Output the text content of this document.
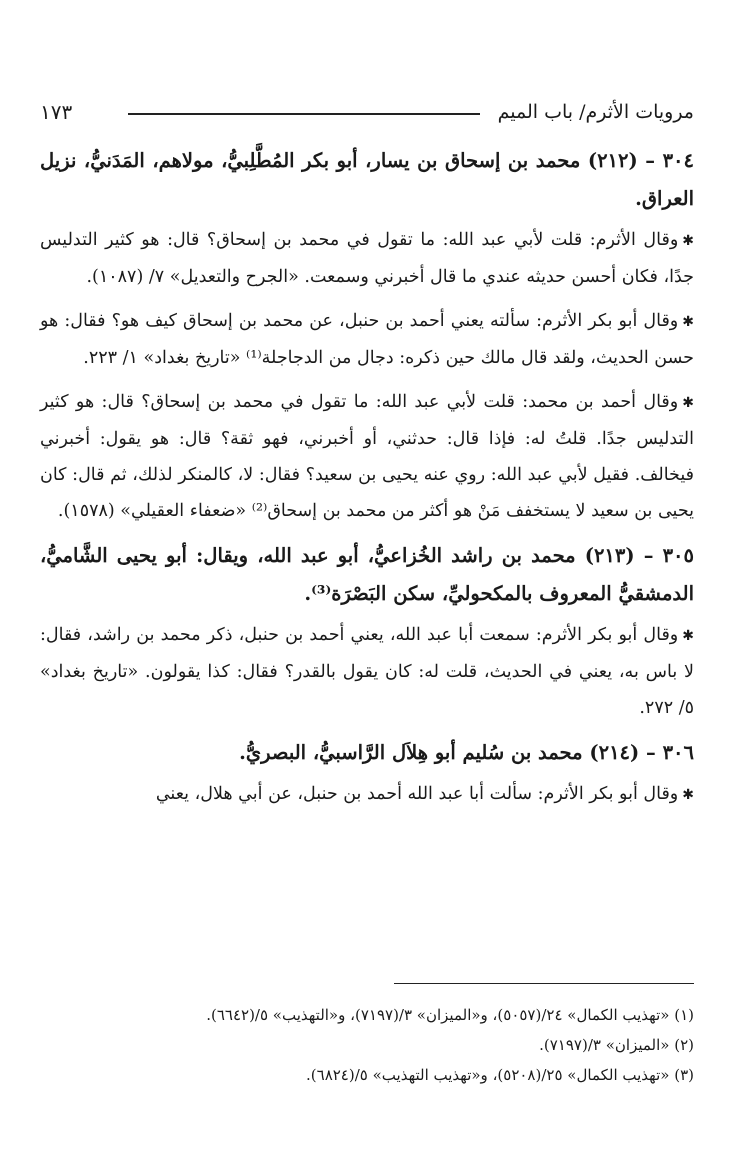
مرويات الأثرم/ باب الميم
١٧٣
٣٠٤ – (٢١٢) محمد بن إسحاق بن يسار، أبو بكر المُطَّلِبيُّ، مولاهم، المَدَنيُّ، نزيل العراق.

✱وقال الأثرم: قلت لأبي عبد الله: ما تقول في محمد بن إسحاق؟ قال: هو كثير التدليس جدًا، فكان أحسن حديثه عندي ما قال أخبرني وسمعت. «الجرح والتعديل» ٧/ (١٠٨٧).

✱وقال أبو بكر الأثرم: سألته يعني أحمد بن حنبل، عن محمد بن إسحاق كيف هو؟ فقال: هو حسن الحديث، ولقد قال مالك حين ذكره: دجال من الدجاجلة⁽¹⁾ «تاريخ بغداد» ١/ ٢٢٣.

✱وقال أحمد بن محمد: قلت لأبي عبد الله: ما تقول في محمد بن إسحاق؟ قال: هو كثير التدليس جدًا. قلتُ له: فإذا قال: حدثني، أو أخبرني، فهو ثقة؟ قال: هو يقول: أخبرني فيخالف. فقيل لأبي عبد الله: روي عنه يحيى بن سعيد؟ فقال: لا، كالمنكر لذلك، ثم قال: كان يحيى بن سعيد لا يستخفف مَنْ هو أكثر من محمد بن إسحاق⁽²⁾ «ضعفاء العقيلي» (١٥٧٨).

٣٠٥ – (٢١٣) محمد بن راشد الخُزاعيُّ، أبو عبد الله، ويقال: أبو يحيى الشَّاميُّ، الدمشقيُّ المعروف بالمكحوليِّ، سكن البَصْرَة⁽³⁾.

✱وقال أبو بكر الأثرم: سمعت أبا عبد الله، يعني أحمد بن حنبل، ذكر محمد بن راشد، فقال: لا باس به، يعني في الحديث، قلت له: كان يقول بالقدر؟ فقال: كذا يقولون. «تاريخ بغداد» ٥/ ٢٧٢.

٣٠٦ – (٢١٤) محمد بن سُليم أبو هِلاَل الرَّاسبيُّ، البصريُّ.

✱وقال أبو بكر الأثرم: سألت أبا عبد الله أحمد بن حنبل، عن أبي هلال، يعني

(١) «تهذيب الكمال» ٢٤/(٥٠٥٧)، و«الميزان» ٣/(٧١٩٧)، و«التهذيب» ٥/(٦٦٤٢).
(٢) «الميزان» ٣/(٧١٩٧).
(٣) «تهذيب الكمال» ٢٥/(٥٢٠٨)، و«تهذيب التهذيب» ٥/(٦٨٢٤).
